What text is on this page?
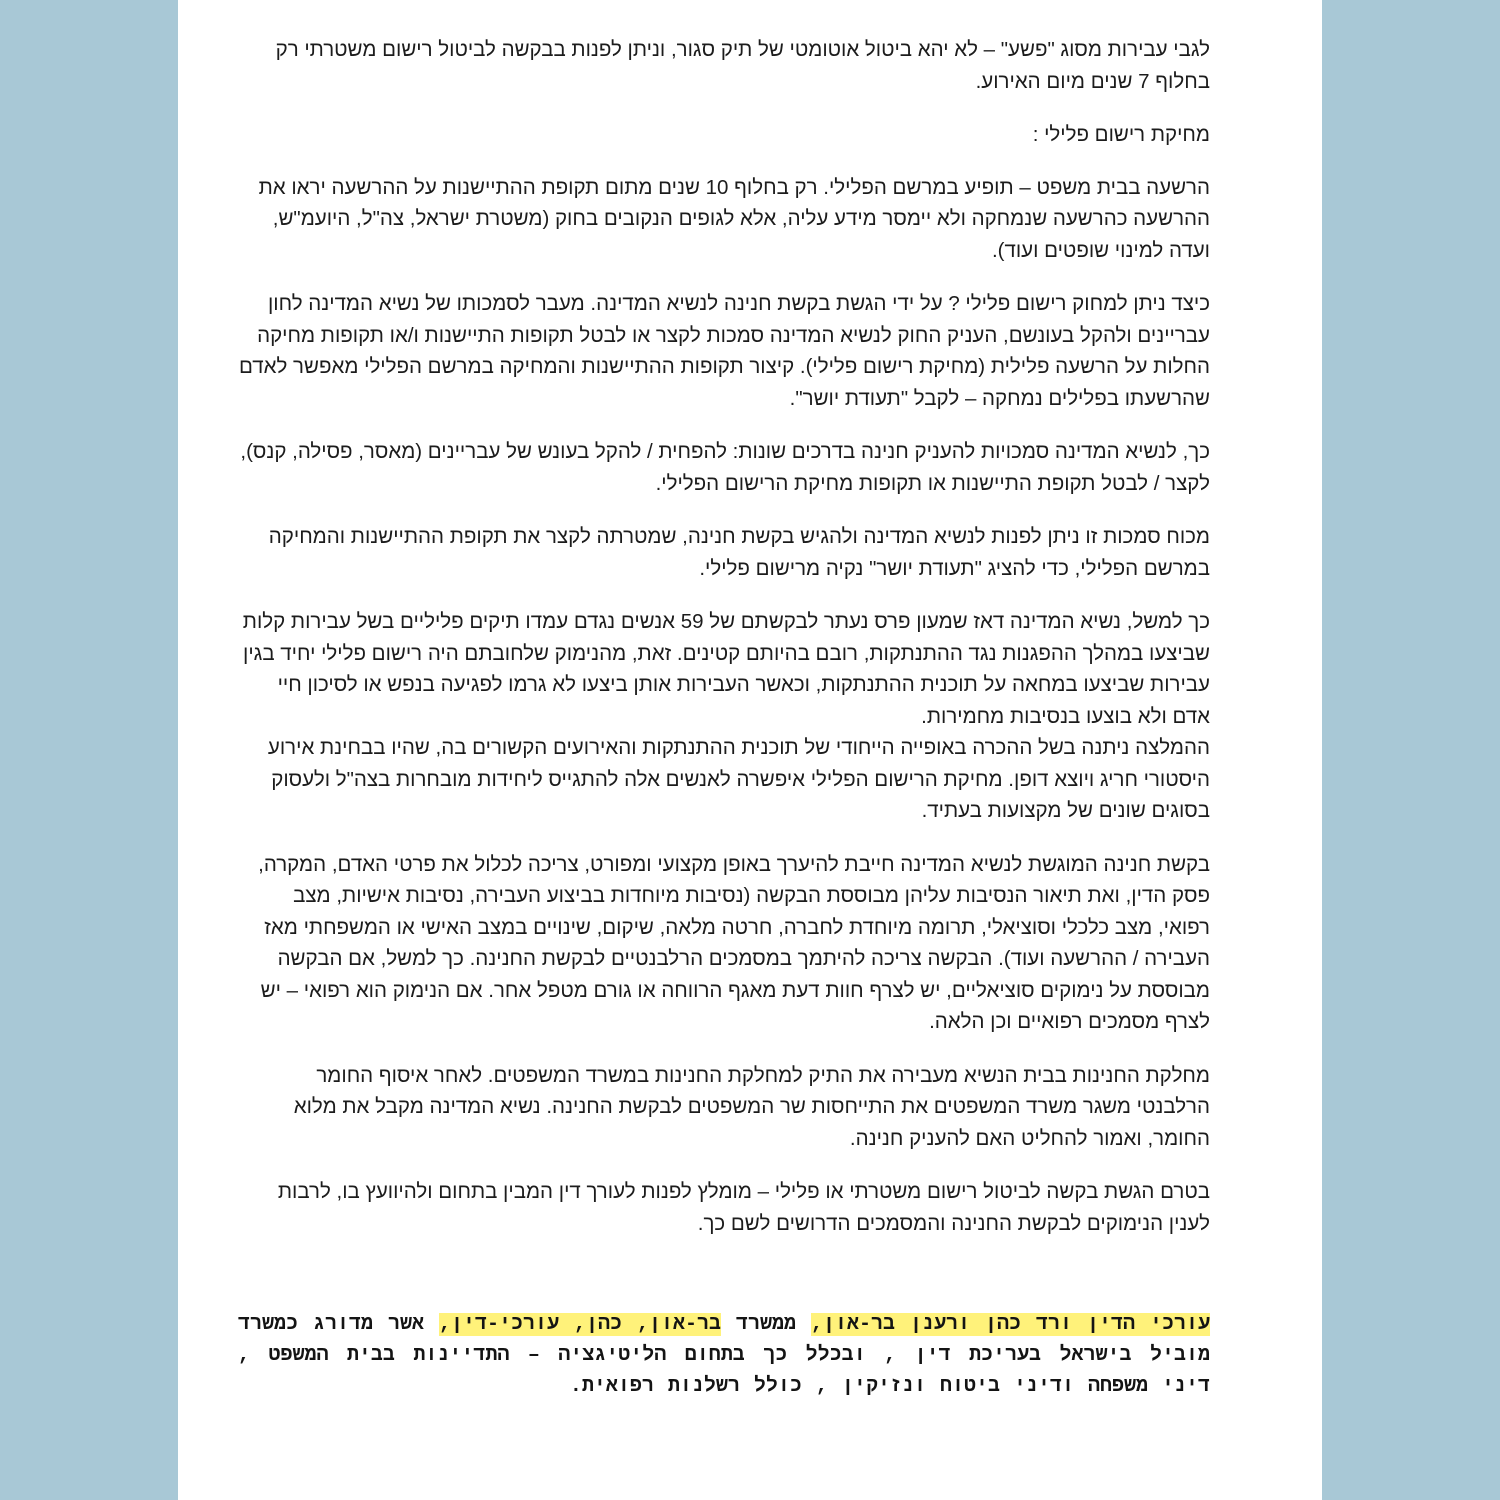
לגבי עבירות מסוג "פשע" – לא יהא ביטול אוטומטי של תיק סגור, וניתן לפנות בבקשה לביטול רישום משטרתי רק בחלוף 7 שנים מיום האירוע.

מחיקת רישום פלילי :

הרשעה בבית משפט – תופיע במרשם הפלילי. רק בחלוף 10 שנים מתום תקופת ההתיישנות על ההרשעה יראו את ההרשעה כהרשעה שנמחקה ולא יימסר מידע עליה, אלא לגופים הנקובים בחוק (משטרת ישראל, צה"ל, היועמ"ש, ועדה למינוי שופטים ועוד).

כיצד ניתן למחוק רישום פלילי ? על ידי הגשת בקשת חנינה לנשיא המדינה. מעבר לסמכותו של נשיא המדינה לחון עבריינים ולהקל בעונשם, העניק החוק לנשיא המדינה סמכות לקצר או לבטל תקופות התיישנות ו/או תקופות מחיקה החלות על הרשעה פלילית (מחיקת רישום פלילי). קיצור תקופות ההתיישנות והמחיקה במרשם הפלילי מאפשר לאדם שהרשעתו בפלילים נמחקה – לקבל "תעודת יושר".

כך, לנשיא המדינה סמכויות להעניק חנינה בדרכים שונות: להפחית / להקל בעונש של עבריינים (מאסר, פסילה, קנס), לקצר / לבטל תקופת התיישנות או תקופות מחיקת הרישום הפלילי.

מכוח סמכות זו ניתן לפנות לנשיא המדינה ולהגיש בקשת חנינה, שמטרתה לקצר את תקופת ההתיישנות והמחיקה במרשם הפלילי, כדי להציג "תעודת יושר" נקיה מרישום פלילי.

כך למשל, נשיא המדינה דאז שמעון פרס נעתר לבקשתם של 59 אנשים נגדם עמדו תיקים פליליים בשל עבירות קלות שביצעו במהלך ההפגנות נגד ההתנתקות, רובם בהיותם קטינים. זאת, מהנימוק שלחובתם היה רישום פלילי יחיד בגין עבירות שביצעו במחאה על תוכנית ההתנתקות, וכאשר העבירות אותן ביצעו לא גרמו לפגיעה בנפש או לסיכון חיי אדם ולא בוצעו בנסיבות מחמירות.

ההמלצה ניתנה בשל ההכרה באופייה הייחודי של תוכנית ההתנתקות והאירועים הקשורים בה, שהיו בבחינת אירוע היסטורי חריג ויוצא דופן. מחיקת הרישום הפלילי איפשרה לאנשים אלה להתגייס ליחידות מובחרות בצה"ל ולעסוק בסוגים שונים של מקצועות בעתיד.

בקשת חנינה המוגשת לנשיא המדינה חייבת להיערך באופן מקצועי ומפורט, צריכה לכלול את פרטי האדם, המקרה, פסק הדין, ואת תיאור הנסיבות עליהן מבוססת הבקשה (נסיבות מיוחדות בביצוע העבירה, נסיבות אישיות, מצב רפואי, מצב כלכלי וסוציאלי, תרומה מיוחדת לחברה, חרטה מלאה, שיקום, שינויים במצב האישי או המשפחתי מאז העבירה / ההרשעה ועוד). הבקשה צריכה להיתמך במסמכים הרלבנטיים לבקשת החנינה. כך למשל, אם הבקשה מבוססת על נימוקים סוציאליים, יש לצרף חוות דעת מאגף הרווחה או גורם מטפל אחר. אם הנימוק הוא רפואי – יש לצרף מסמכים רפואיים וכן הלאה.

מחלקת החנינות בבית הנשיא מעבירה את התיק למחלקת החנינות במשרד המשפטים. לאחר איסוף החומר הרלבנטי משגר משרד המשפטים את התייחסות שר המשפטים לבקשת החנינה. נשיא המדינה מקבל את מלוא החומר, ואמור להחליט האם להעניק חנינה.

בטרם הגשת בקשה לביטול רישום משטרתי או פלילי – מומלץ לפנות לעורך דין המבין בתחום ולהיוועץ בו, לרבות לענין הנימוקים לבקשת החנינה והמסמכים הדרושים לשם כך.

עורכי הדין ורד כהן ורענן בר-און, ממשרד בר-און, כהן, עורכי-דין, אשר מדורג כמשרד מוביל בישראל בעריכת דין , ובכלל כך בתחום הליטיגציה – התדיינות בבית המשפט , דיני משפחה ודיני ביטוח ונזיקין , כולל רשלנות רפואית.
